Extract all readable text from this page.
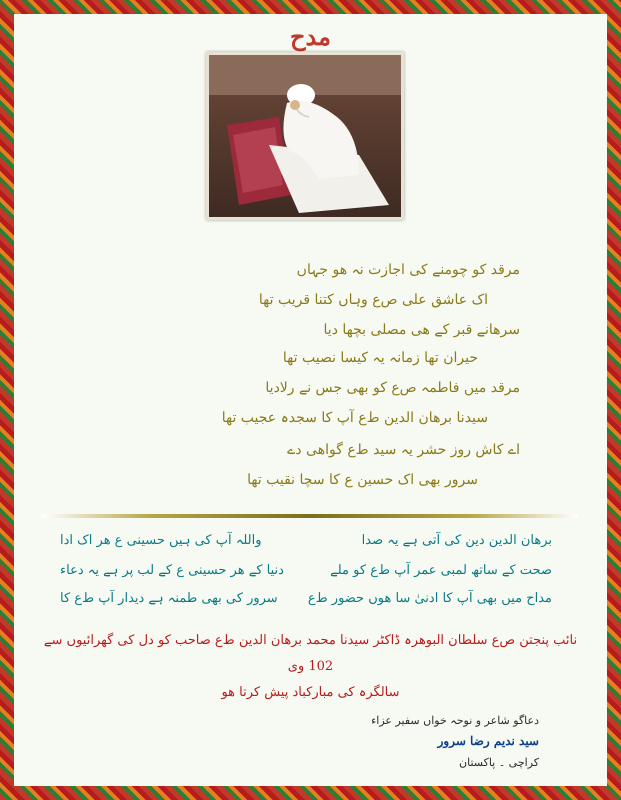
مدح
مرقد کو چومنے کی اجازت نہ ھو جہاں
اک عاشق علی ص‌ع وہاں کتنا قریب تھا
سرھانے قبر کے ھی مصلی بچھا دیا
حیران تھا زمانہ یہ کیسا نصیب تھا
مرقد میں فاطمہ ص‌ع کو بھی جس نے رلادیا
سیدنا برھان الدین ط‌ع آپ کا سجدہ عجیب تھا
اے کاش روز حشر یہ سید ط‌ع گواھی دے
سرور بھی اک حسین ع کا سچا نقیب تھا
برھان الدین دین کی آتی ہے یہ صدا
واللہ آپ کی ہیں حسینی ع ھر اک ادا
صحت کے ساتھ لمبی عمر آپ ط‌ع کو ملے
دنیا کے ھر حسینی ع کے لب پر ہے یہ دعاء
مداح میں بھی آپ کا ادنیٰ سا ھوں حضور ط‌ع
سرور کی بھی طمنہ ہے دیدار آپ ط‌ع کا
نائب پنجتن ص‌ع سلطان البوھرہ ڈاکٹر سیدنا محمد برھان الدین ط‌ع صاحب کو دل کی گھرائیوں سے 102 وی
سالگرہ کی مبارکباد پیش کرتا ھو
دعاگو شاعر و نوحہ خواں سفیر عزاء
سید ندیم رضا سرور
کراچی ۔ پاکستان
